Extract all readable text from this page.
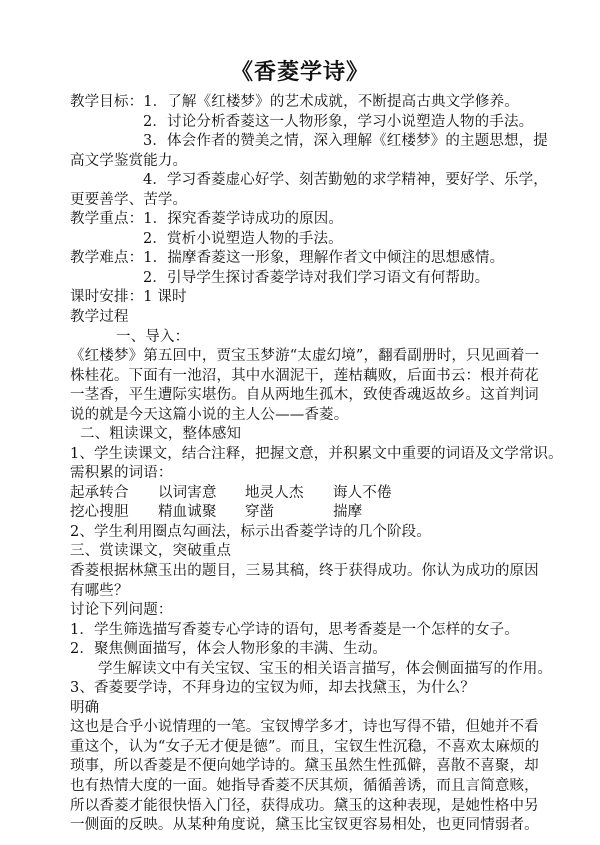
《香菱学诗》
教学目标：1．了解《红楼梦》的艺术成就，不断提高古典文学修养。
2．讨论分析香菱这一人物形象，学习小说塑造人物的手法。
3．体会作者的赞美之情，深入理解《红楼梦》的主题思想，提
高文学鉴赏能力。
4．学习香菱虚心好学、刻苦勤勉的求学精神，要好学、乐学，
更要善学、苦学。
教学重点：1．探究香菱学诗成功的原因。
2．赏析小说塑造人物的手法。
教学难点：1．揣摩香菱这一形象，理解作者文中倾注的思想感情。
2．引导学生探讨香菱学诗对我们学习语文有何帮助。
课时安排：1 课时
教学过程
一、导入：
《红楼梦》第五回中，贾宝玉梦游“太虚幻境”，翻看副册时，只见画着一
株桂花。下面有一池沼，其中水涸泥干，莲枯藕败，后面书云：根并荷花
一茎香，平生遭际实堪伤。自从两地生孤木，致使香魂返故乡。这首判词
说的就是今天这篇小说的主人公——香菱。
二、粗读课文，整体感知
1、学生读课文，结合注释，把握文意，并积累文中重要的词语及文学常识。
需积累的词语：
起承转合 以词害意 地灵人杰 诲人不倦
挖心搜胆 精血诚聚 穿凿	揣摩
2、学生利用圈点勾画法，标示出香菱学诗的几个阶段。
三、赏读课文，突破重点
香菱根据林黛玉出的题目，三易其稿，终于获得成功。你认为成功的原因
有哪些？
讨论下列问题：
1．学生筛选描写香菱专心学诗的语句，思考香菱是一个怎样的女子。
2．聚焦侧面描写，体会人物形象的丰满、生动。
学生解读文中有关宝钗、宝玉的相关语言描写，体会侧面描写的作用。
3、香菱要学诗，不拜身边的宝钗为师，却去找黛玉，为什么？
明确
这也是合乎小说情理的一笔。宝钗博学多才，诗也写得不错，但她并不看
重这个，认为“女子无才便是德”。而且，宝钗生性沉稳，不喜欢太麻烦的
琐事，所以香菱是不便向她学诗的。黛玉虽然生性孤僻，喜散不喜聚，却
也有热情大度的一面。她指导香菱不厌其烦，循循善诱，而且言简意赅，
所以香菱才能很快悟入门径，获得成功。黛玉的这种表现，是她性格中另
一侧面的反映。从某种角度说，黛玉比宝钗更容易相处，也更同情弱者。
